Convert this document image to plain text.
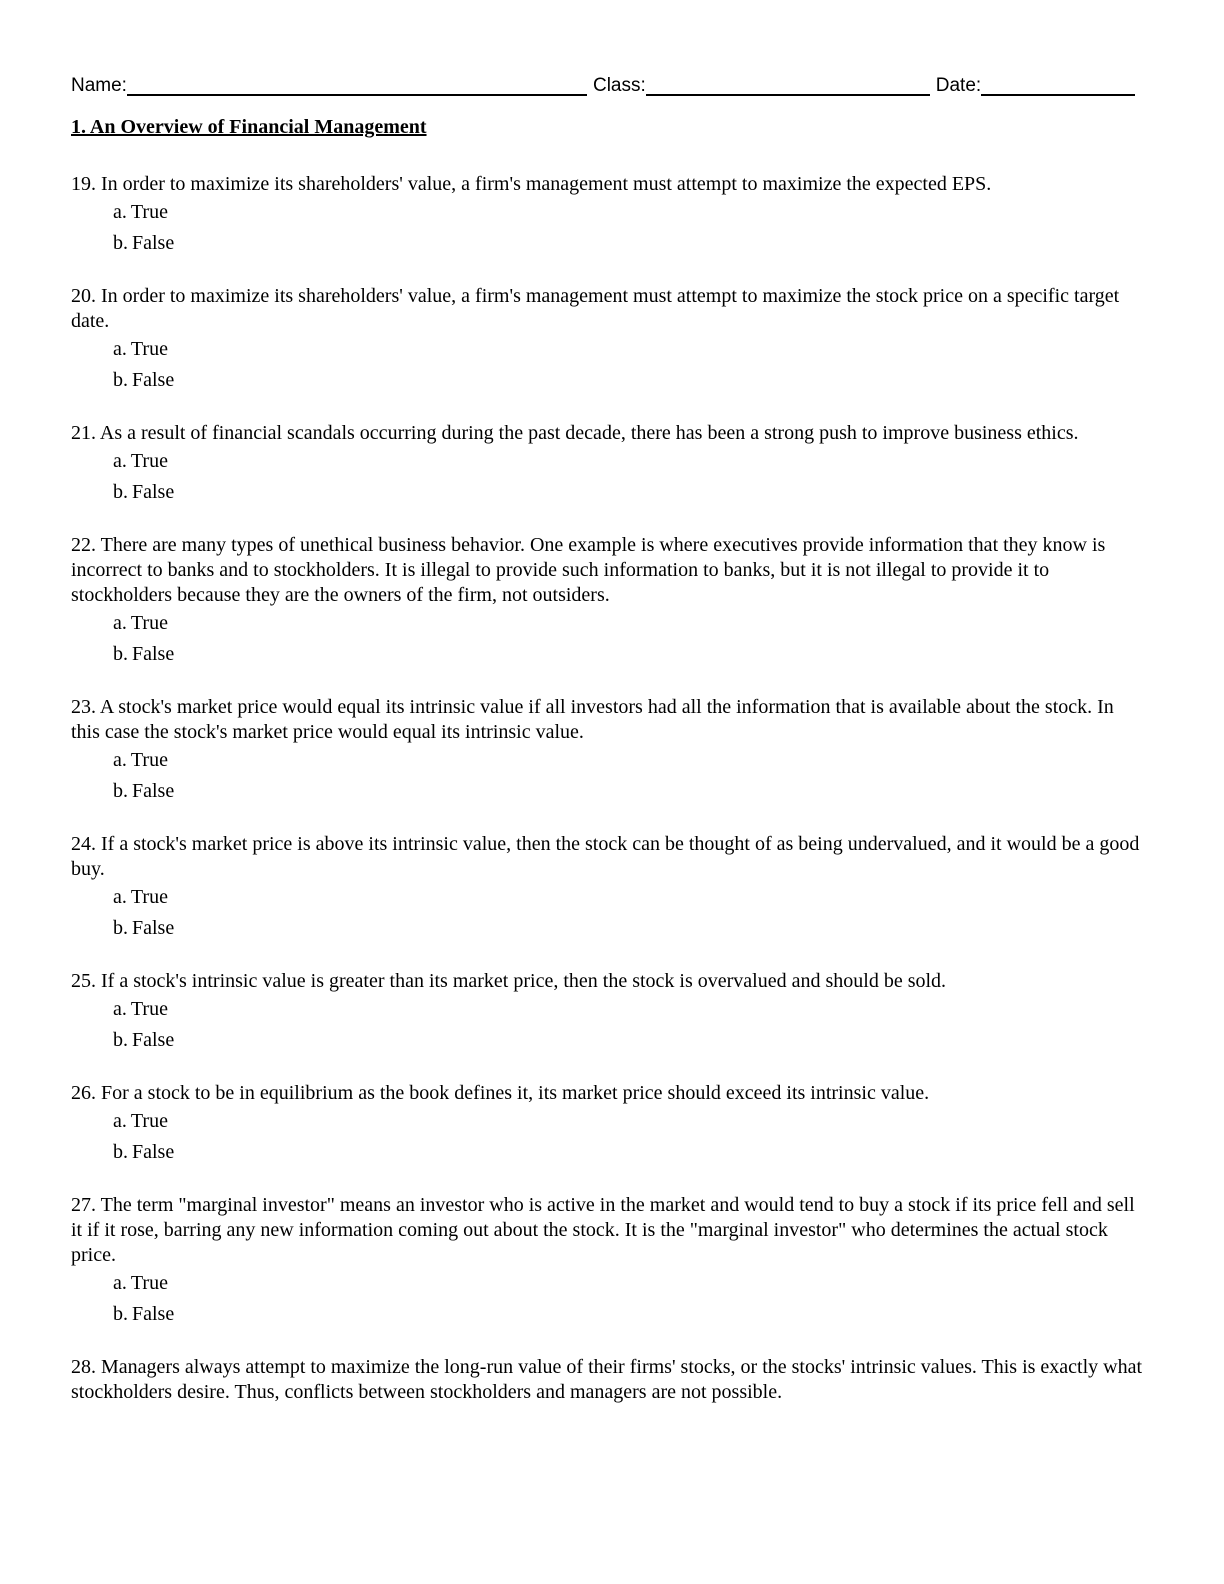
Name:	Class:	Date:
1. An Overview of Financial Management

19. In order to maximize its shareholders' value, a firm's management must attempt to maximize the expected EPS.

a. True
b. False

20. In order to maximize its shareholders' value, a firm's management must attempt to maximize the stock price on a specific target date.

a. True
b. False

21. As a result of financial scandals occurring during the past decade, there has been a strong push to improve business ethics.

a. True
b. False

22. There are many types of unethical business behavior. One example is where executives provide information that they know is incorrect to banks and to stockholders. It is illegal to provide such information to banks, but it is not illegal to provide it to stockholders because they are the owners of the firm, not outsiders.

a. True
b. False

23. A stock's market price would equal its intrinsic value if all investors had all the information that is available about the stock. In this case the stock's market price would equal its intrinsic value.

a. True
b. False

24. If a stock's market price is above its intrinsic value, then the stock can be thought of as being undervalued, and it would be a good buy.

a. True
b. False

25. If a stock's intrinsic value is greater than its market price, then the stock is overvalued and should be sold.

a. True
b. False

26. For a stock to be in equilibrium as the book defines it, its market price should exceed its intrinsic value.

a. True
b. False

27. The term "marginal investor" means an investor who is active in the market and would tend to buy a stock if its price fell and sell it if it rose, barring any new information coming out about the stock. It is the "marginal investor" who determines the actual stock price.

a. True
b. False

28. Managers always attempt to maximize the long-run value of their firms' stocks, or the stocks' intrinsic values. This is exactly what stockholders desire. Thus, conflicts between stockholders and managers are not possible.
